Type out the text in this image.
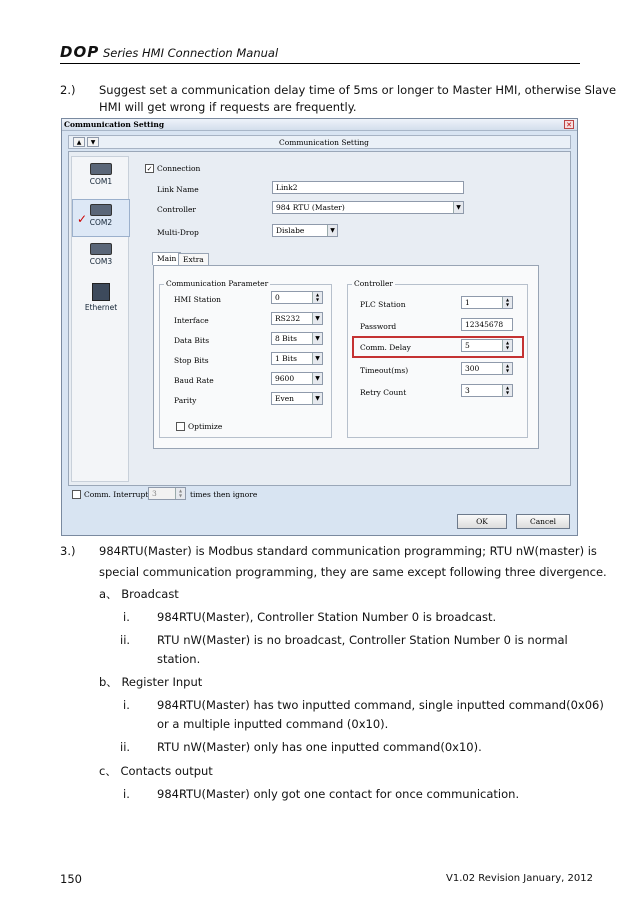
DOP Series HMI Connection Manual
2.) Suggest set a communication delay time of 5ms or longer to Master HMI, otherwise Slave
HMI will get wrong if requests are frequently.
Communication Setting	✕
▲	▼	Communication Setting
COM1
✓ COM2
COM3
Ethernet
✓ Connection
Link Name	Link2
Controller	984 RTU (Master)	▼
Multi-Drop	Dislabe	▼
Main Extra
Communication Parameter
HMI Station	0	▲
▼
Interface	RS232	▼
Data Bits	8 Bits	▼
Stop Bits	1 Bits	▼
Baud Rate	9600	▼
Parity	Even	▼
Optimize
Controller
PLC Station	1	▲
▼
Password	12345678
Comm. Delay	5	▲
▼
Timeout(ms)	300	▲
▼
Retry Count	3	▲
▼
Comm. Interrupt 3	▲
▼	times then ignore
OK	Cancel
3.) 984RTU(Master) is Modbus standard communication programming; RTU nW(master) is
special communication programming, they are same except following three divergence.
a、 Broadcast
i. 984RTU(Master), Controller Station Number 0 is broadcast.
ii. RTU nW(Master) is no broadcast, Controller Station Number 0 is normal
station.
b、 Register Input
i. 984RTU(Master) has two inputted command, single inputted command(0x06)
or a multiple inputted command (0x10).
ii. RTU nW(Master) only has one inputted command(0x10).
c、 Contacts output
i. 984RTU(Master) only got one contact for once communication.
150	V1.02 Revision January, 2012
